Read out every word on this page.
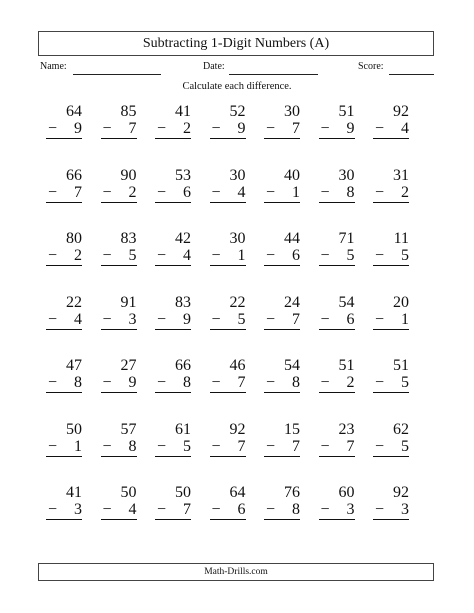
Subtracting 1-Digit Numbers (A)
Name:	Date:	Score:
Calculate each difference.
64
− 9
85
− 7
41
− 2
52
− 9
30
− 7
51
− 9
92
− 4
66
− 7
90
− 2
53
− 6
30
− 4
40
− 1
30
− 8
31
− 2
80
− 2
83
− 5
42
− 4
30
− 1
44
− 6
71
− 5
11
− 5
22
− 4
91
− 3
83
− 9
22
− 5
24
− 7
54
− 6
20
− 1
47
− 8
27
− 9
66
− 8
46
− 7
54
− 8
51
− 2
51
− 5
50
− 1
57
− 8
61
− 5
92
− 7
15
− 7
23
− 7
62
− 5
41
− 3
50
− 4
50
− 7
64
− 6
76
− 8
60
− 3
92
− 3
Math-Drills.com
